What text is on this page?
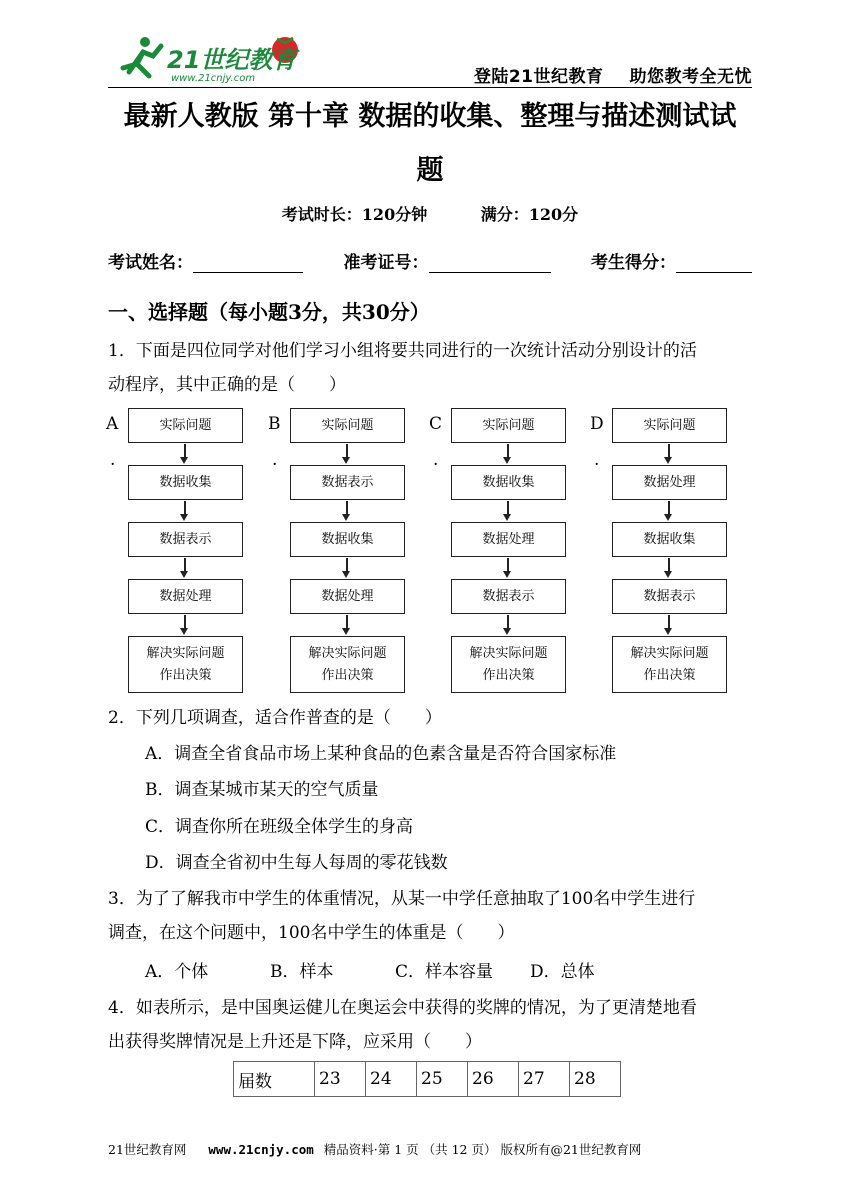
21世纪教育
www.21cnjy.com	登陆21世纪教育 助您教考全无忧
最新人教版 第十章 数据的收集、整理与描述测试试
题
考试时长：120分钟	满分：120分
考试姓名：	准考证号：	考生得分：
一、选择题（每小题3分，共30分）
1．下面是四位同学对他们学习小组将要共同进行的一次统计活动分别设计的活
动程序，其中正确的是（　　）
A
.
实际问题
数据收集
数据表示
数据处理
解决实际问题
作出决策
B
.
实际问题
数据表示
数据收集
数据处理
解决实际问题
作出决策
C
.
实际问题
数据收集
数据处理
数据表示
解决实际问题
作出决策
D
.
实际问题
数据处理
数据收集
数据表示
解决实际问题
作出决策
2．下列几项调查，适合作普查的是（　　）
A．调查全省食品市场上某种食品的色素含量是否符合国家标准
B．调查某城市某天的空气质量
C．调查你所在班级全体学生的身高
D．调查全省初中生每人每周的零花钱数
3．为了了解我市中学生的体重情况，从某一中学任意抽取了100名中学生进行
调查，在这个问题中，100名中学生的体重是（　　）
A．个体	B．样本	C．样本容量	D．总体
4．如表所示，是中国奥运健儿在奥运会中获得的奖牌的情况，为了更清楚地看
出获得奖牌情况是上升还是下降，应采用（　　）
届数	23	24	25	26	27	28
21世纪教育网 www.21cnjy.com 精品资料·第 1 页 （共 12 页） 版权所有@21世纪教育网
